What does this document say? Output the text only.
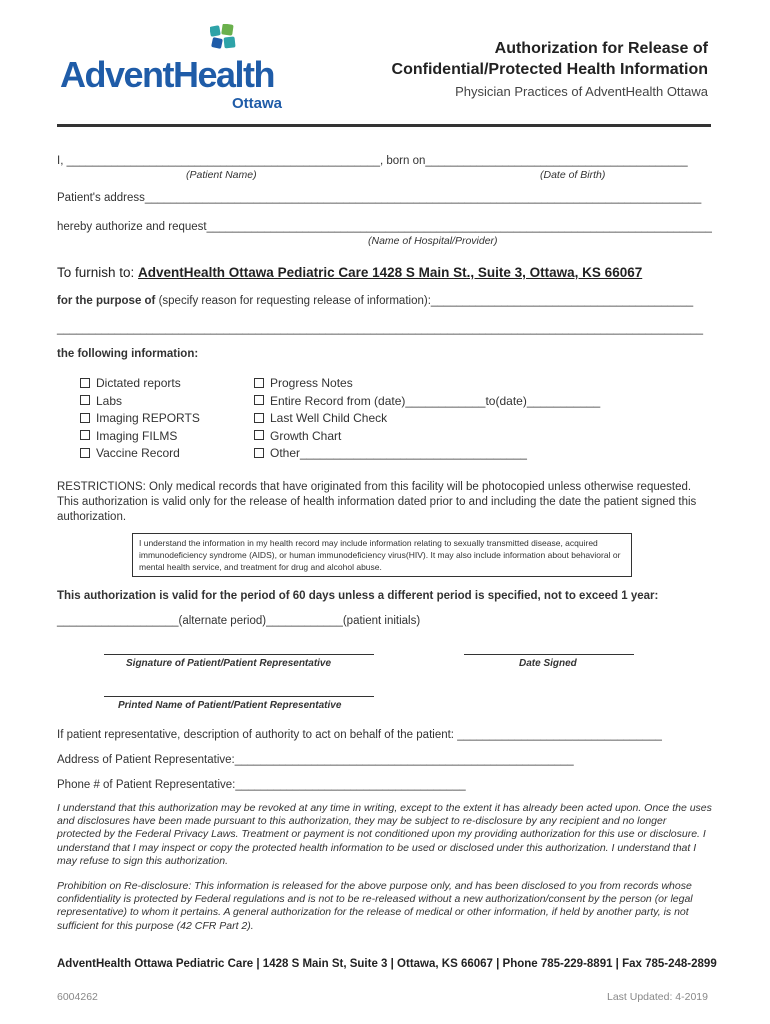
AdventHealth
Ottawa
Authorization for Release of
Confidential/Protected Health Information
Physician Practices of AdventHealth Ottawa
I, _________________________________________________, born on_________________________________________
(Patient Name)	(Date of Birth)
Patient's address_______________________________________________________________________________________
hereby authorize and request_______________________________________________________________________________
(Name of Hospital/Provider)
To furnish to: AdventHealth Ottawa Pediatric Care 1428 S Main St., Suite 3, Ottawa, KS 66067
for the purpose of (specify reason for requesting release of information):_________________________________________
_____________________________________________________________________________________________________
the following information:
Dictated reports
Labs
Imaging REPORTS
Imaging FILMS
Vaccine Record
Progress Notes
Entire Record from (date)____________to(date)___________
Last Well Child Check
Growth Chart
Other__________________________________
RESTRICTIONS: Only medical records that have originated from this facility will be photocopied unless otherwise requested. This authorization is valid only for the release of health information dated prior to and including the date the patient signed this authorization.

I understand the information in my health record may include information relating to sexually transmitted disease, acquired immunodeficiency syndrome (AIDS), or human immunodeficiency virus(HIV). It may also include information about behavioral or mental health service, and treatment for drug and alcohol abuse.

This authorization is valid for the period of 60 days unless a different period is specified, not to exceed 1 year:
___________________(alternate period)____________(patient initials)
Signature of Patient/Patient Representative	Date Signed
Printed Name of Patient/Patient Representative
If patient representative, description of authority to act on behalf of the patient: ________________________________
Address of Patient Representative:_____________________________________________________
Phone # of Patient Representative:____________________________________
I understand that this authorization may be revoked at any time in writing, except to the extent it has already been acted upon. Once the uses and disclosures have been made pursuant to this authorization, they may be subject to re-disclosure by any recipient and no longer protected by the Federal Privacy Laws. Treatment or payment is not conditioned upon my providing authorization for this use or disclosure. I understand that I may inspect or copy the protected health information to be used or disclosed under this authorization. I understand that I may refuse to sign this authorization.
Prohibition on Re-disclosure: This information is released for the above purpose only, and has been disclosed to you from records whose confidentiality is protected by Federal regulations and is not to be re-released without a new authorization/consent by the person (or legal representative) to whom it pertains. A general authorization for the release of medical or other information, if held by another party, is not sufficient for this purpose (42 CFR Part 2).
AdventHealth Ottawa Pediatric Care | 1428 S Main St, Suite 3 | Ottawa, KS 66067 | Phone 785-229-8891 | Fax 785-248-2899
6004262	Last Updated: 4-2019
